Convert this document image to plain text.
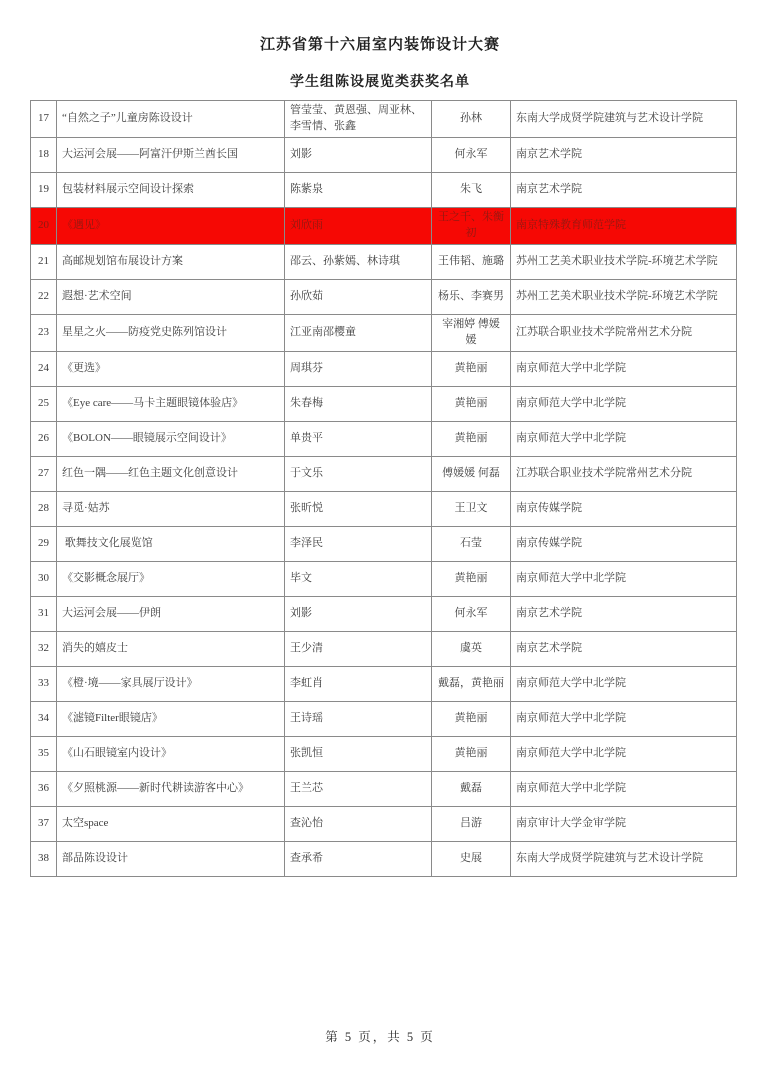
江苏省第十六届室内装饰设计大赛
学生组陈设展览类获奖名单
17	“自然之子”儿童房陈设设计	管莹莹、黄恩强、周亚林、李雪情、张鑫	孙林	东南大学成贤学院建筑与艺术设计学院
18	大运河会展——阿富汗伊斯兰酋长国	刘影	何永军	南京艺术学院
19	包装材料展示空间设计探索	陈紫泉	朱飞	南京艺术学院
20	《遇见》	刘欣雨	王之千、朱衡初	南京特殊教育师范学院
21	高邮规划馆布展设计方案	邵云、孙紫嫣、林诗琪	王伟韬、施璐	苏州工艺美术职业技术学院-环境艺术学院
22	遐想·艺术空间	孙欣茹	杨乐、李赛男	苏州工艺美术职业技术学院-环境艺术学院
23	星星之火——防疫党史陈列馆设计	江亚南邵樱童	宰湘婷 傅媛媛	江苏联合职业技术学院常州艺术分院
24	《更选》	周琪芬	黄艳丽	南京师范大学中北学院
25	《Eye care——马卡主题眼镜体验店》	朱春梅	黄艳丽	南京师范大学中北学院
26	《BOLON——眼镜展示空间设计》	单贵平	黄艳丽	南京师范大学中北学院
27	红色一隅——红色主题文化创意设计	于文乐	傅媛媛 何磊	江苏联合职业技术学院常州艺术分院
28	寻觅·姑苏	张昕悦	王卫文	南京传媒学院
29	歌舞技文化展览馆	李泽民	石莹	南京传媒学院
30	《交影概念展厅》	毕文	黄艳丽	南京师范大学中北学院
31	大运河会展——伊朗	刘影	何永军	南京艺术学院
32	消失的嬉皮士	王少清	虞英	南京艺术学院
33	《橙·境——家具展厅设计》	李虹肖	戴磊，黄艳丽	南京师范大学中北学院
34	《滤镜Filter眼镜店》	王诗瑶	黄艳丽	南京师范大学中北学院
35	《山石眼镜室内设计》	张凯恒	黄艳丽	南京师范大学中北学院
36	《夕照桃源——新时代耕读游客中心》	王兰芯	戴磊	南京师范大学中北学院
37	太空space	查沁怡	吕游	南京审计大学金审学院
38	部品陈设设计	查承希	史展	东南大学成贤学院建筑与艺术设计学院
第 5 页，共 5 页
